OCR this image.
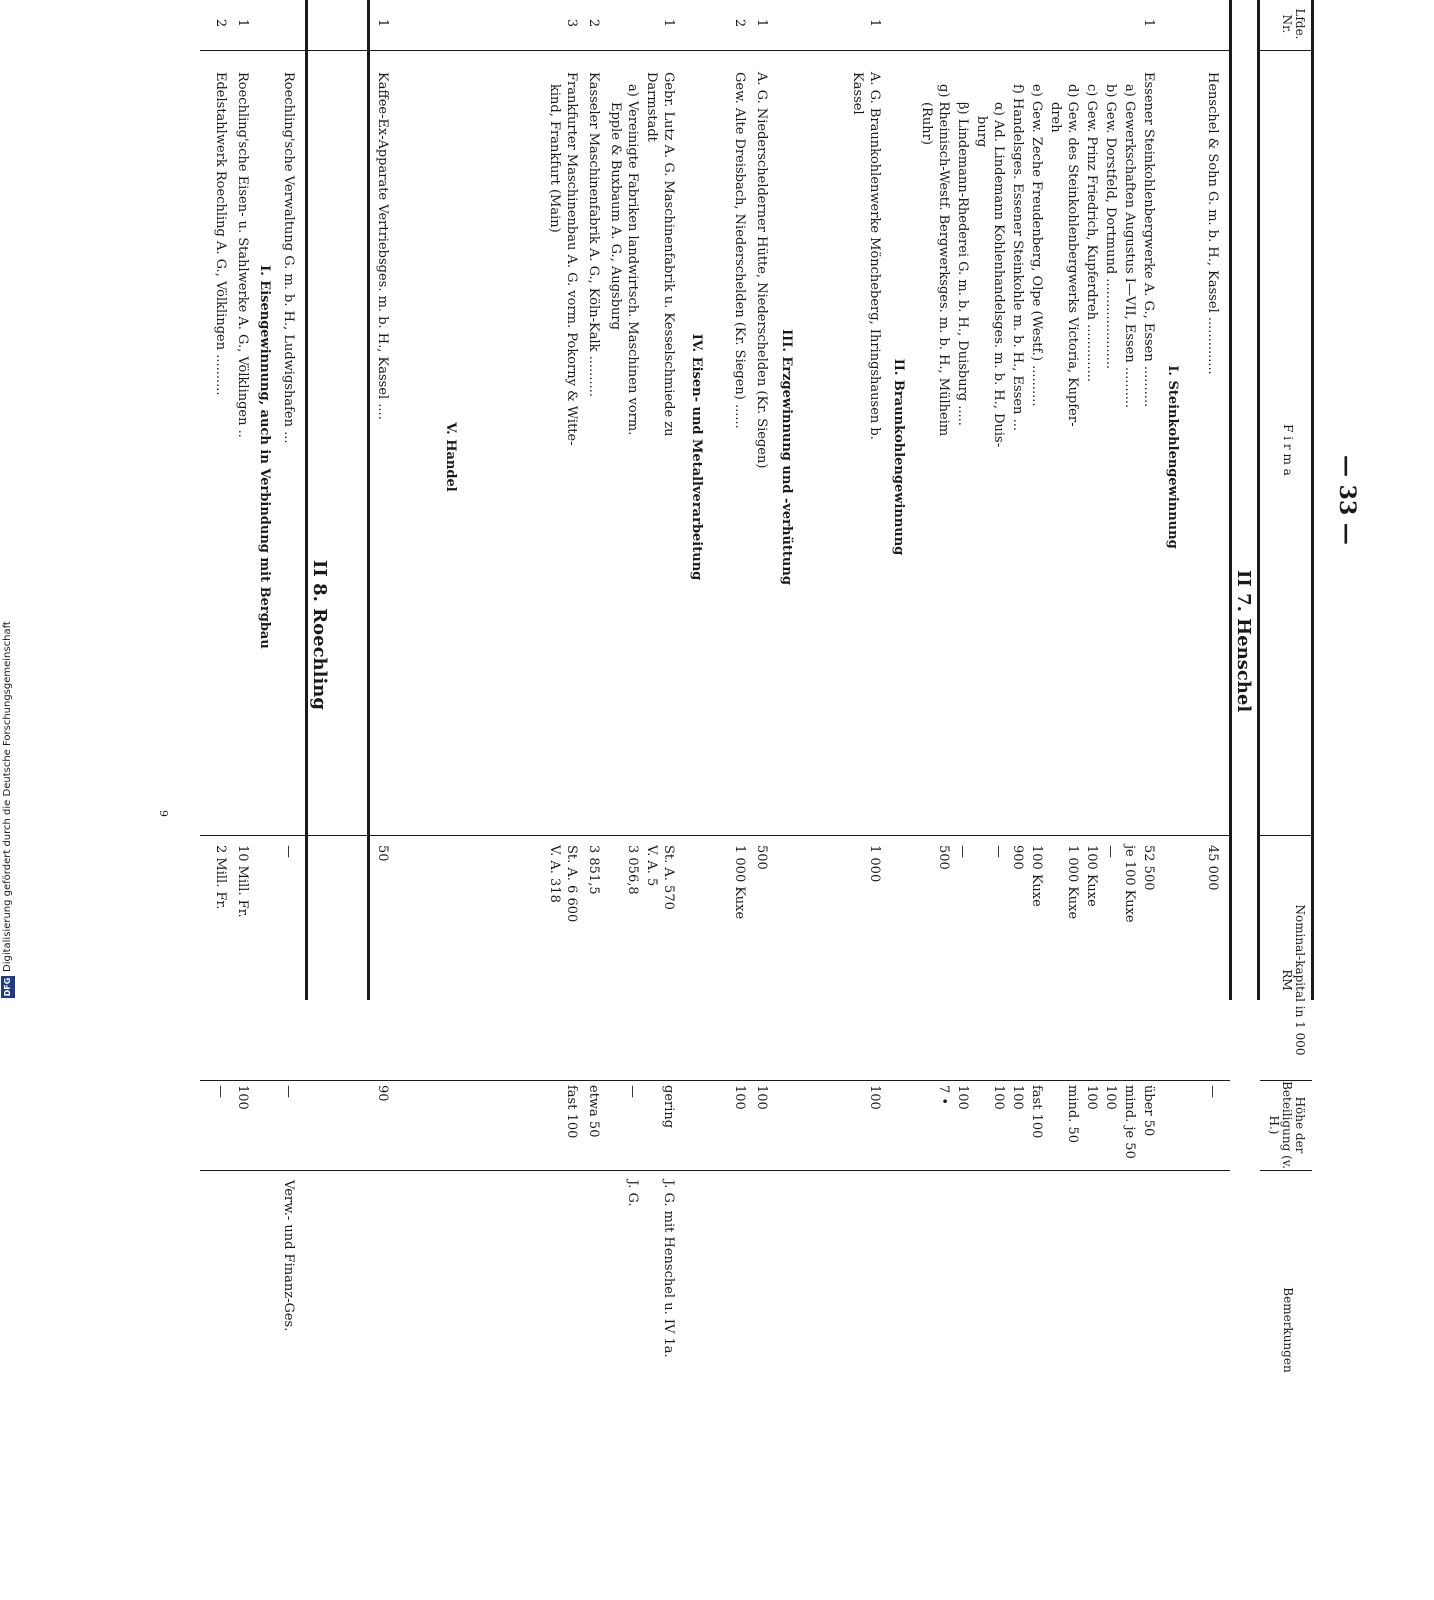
— 33 —
Lfde. Nr.
F i r m a
Nominal-kapital in 1 000 RM
Höhe der Beteiligung (v. H.)
Bemerkungen
II 7. Henschel
Henschel & Sohn G. m. b. H., Kassel ..............
45 000
—
I. Steinkohlengewinnung
1
Essener Steinkohlenbergwerke A. G., Essen ..........
52 500
über 50
a) Gewerkschaften Augustus I—VII, Essen ..........
je 100 Kuxe
mind. je 50
b) Gew. Dorstfeld, Dortmund ......................
—
100
c) Gew. Prinz Friedrich, Kupferdreh ..............
100 Kuxe
100
d) Gew. des Steinkohlenbergwerks Victoria, Kupfer-
1 000 Kuxe
mind. 50
dreh
e) Gew. Zeche Freudenberg, Olpe (Westf.) ..........
100 Kuxe
fast 100
f) Handelsges. Essener Steinkohle m. b. H., Essen ...
900
100
α) Ad. Lindemann Kohlenhandelsges. m. b. H., Duis-
—
100
burg
β) Lindemann-Rhederei G. m. b. H., Duisburg .....
—
100
g) Rheinisch-Westf. Bergwerksges. m. b. H., Mülheim
500
7 •
(Ruhr)
II. Braunkohlengewinnung
1
A. G. Braunkohlenwerke Möncheberg, Ihringshausen b.
1 000
100
Kassel
III. Erzgewinnung und -verhüttung
1
A. G. Niederschelderner Hütte, Niederschelden (Kr. Siegen)
500
100
2
Gew. Alte Dreisbach, Niederschelden (Kr. Siegen) ......
1 000 Kuxe
100
IV. Eisen- und Metallverarbeitung
1
Gebr. Lutz A. G. Maschinenfabrik u. Kesselschmiede zu
St. A. 570
gering
J. G. mit Henschel u. IV 1a.
Darmstadt
V. A. 5
a) Vereinigte Fabriken landwirtsch. Maschinen vorm.
3 056,8
—
J. G.
Epple & Buxbaum A. G., Augsburg
2
Kasseler Maschinenfabrik A. G., Köln-Kalk ..........
3 851,5
etwa 50
3
Frankfurter Maschinenbau A. G. vorm. Pokorny & Witte-
St. A. 6 600
fast 100
kind, Frankfurt (Main)
V. A. 318
V. Handel
1
Kaffee-Ex-Apparate Vertriebsges. m. b. H., Kassel ....
50
90
II 8. Roechling
Roechling'sche Verwaltung G. m. b. H., Ludwigshafen ...
—
—
Verw.- und Finanz-Ges.
I. Eisengewinnung, auch in Verbindung mit Bergbau
1
Roechling'sche Eisen- u. Stahlwerke A. G., Völklingen ..
10 Mill. Fr.
100
2
Edelstahlwerk Roechling A. G., Völklingen ..........
2 Mill. Fr.
—
9
DFG
Digitalisierung gefördert durch die Deutsche Forschungsgemeinschaft
